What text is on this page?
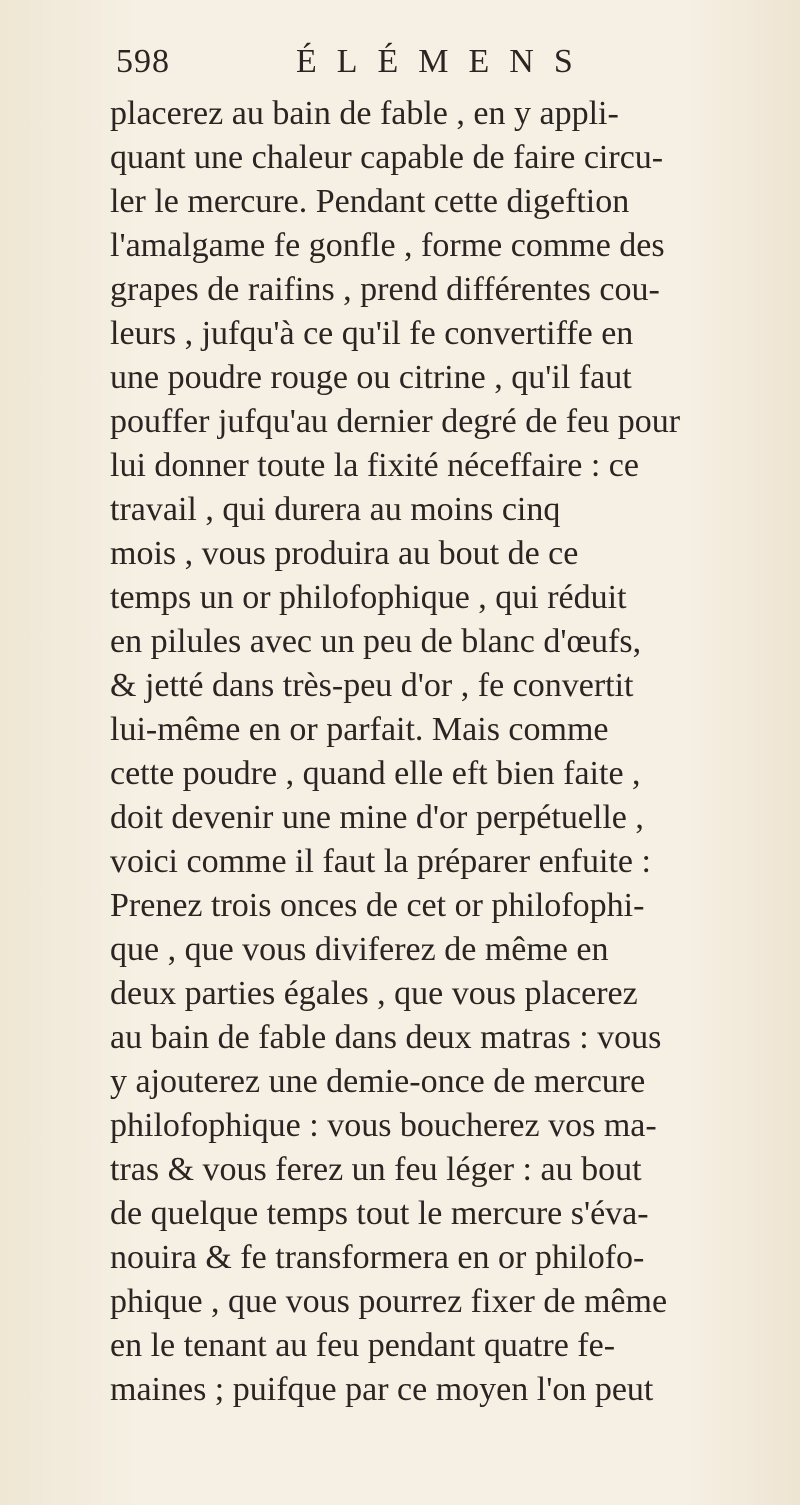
598	ÉLÉMENS
placerez au bain de fable , en y appli-
quant une chaleur capable de faire circu-
ler le mercure. Pendant cette digeftion
l'amalgame fe gonfle , forme comme des
grapes de raifins , prend différentes cou-
leurs , jufqu'à ce qu'il fe convertiffe en
une poudre rouge ou citrine , qu'il faut
pouffer jufqu'au dernier degré de feu pour
lui donner toute la fixité néceffaire : ce
travail , qui durera au moins cinq
mois , vous produira au bout de ce
temps un or philofophique , qui réduit
en pilules avec un peu de blanc d'œufs,
& jetté dans très-peu d'or , fe convertit
lui-même en or parfait. Mais comme
cette poudre , quand elle eft bien faite ,
doit devenir une mine d'or perpétuelle ,
voici comme il faut la préparer enfuite :
Prenez trois onces de cet or philofophi-
que , que vous diviferez de même en
deux parties égales , que vous placerez
au bain de fable dans deux matras : vous
y ajouterez une demie-once de mercure
philofophique : vous boucherez vos ma-
tras & vous ferez un feu léger : au bout
de quelque temps tout le mercure s'éva-
nouira & fe transformera en or philofo-
phique , que vous pourrez fixer de même
en le tenant au feu pendant quatre fe-
maines ; puifque par ce moyen l'on peut
